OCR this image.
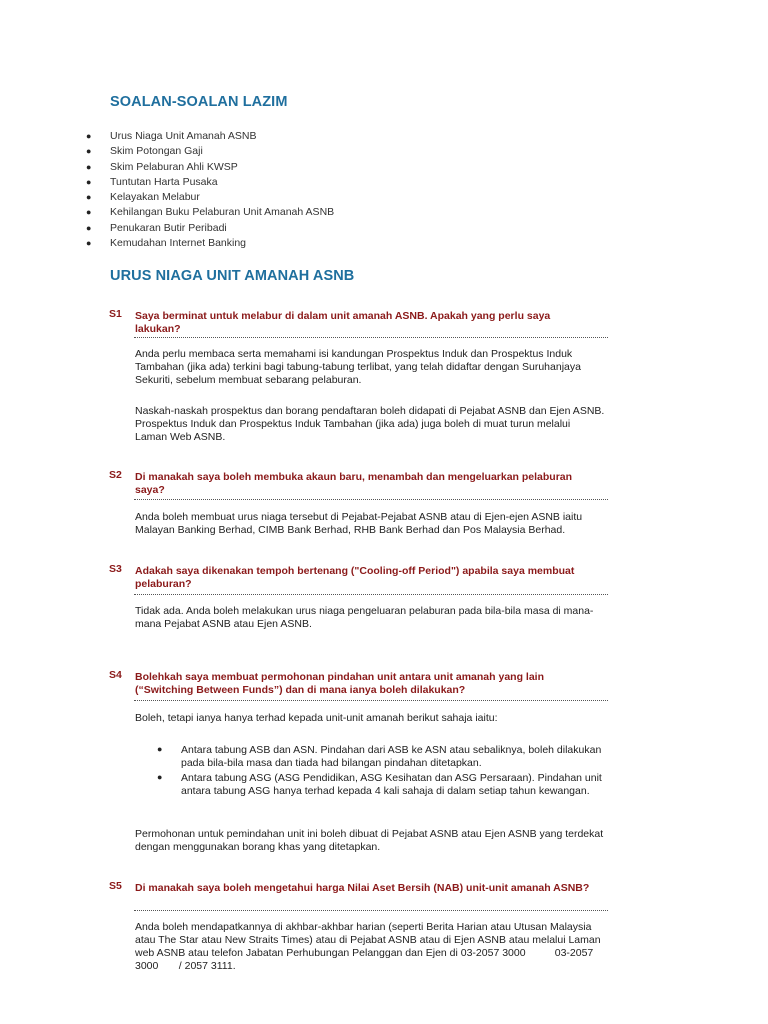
SOALAN-SOALAN LAZIM
● Urus Niaga Unit Amanah ASNB
● Skim Potongan Gaji
● Skim Pelaburan Ahli KWSP
● Tuntutan Harta Pusaka
● Kelayakan Melabur
● Kehilangan Buku Pelaburan Unit Amanah ASNB
● Penukaran Butir Peribadi
● Kemudahan Internet Banking
URUS NIAGA UNIT AMANAH ASNB
S1 Saya berminat untuk melabur di dalam unit amanah ASNB. Apakah yang perlu saya lakukan?

Anda perlu membaca serta memahami isi kandungan Prospektus Induk dan Prospektus Induk Tambahan (jika ada) terkini bagi tabung-tabung terlibat, yang telah didaftar dengan Suruhanjaya Sekuriti, sebelum membuat sebarang pelaburan.

Naskah-naskah prospektus dan borang pendaftaran boleh didapati di Pejabat ASNB dan Ejen ASNB. Prospektus Induk dan Prospektus Induk Tambahan (jika ada) juga boleh di muat turun melalui Laman Web ASNB.

S2 Di manakah saya boleh membuka akaun baru, menambah dan mengeluarkan pelaburan saya?

Anda boleh membuat urus niaga tersebut di Pejabat-Pejabat ASNB atau di Ejen-ejen ASNB iaitu Malayan Banking Berhad, CIMB Bank Berhad, RHB Bank Berhad dan Pos Malaysia Berhad.

S3 Adakah saya dikenakan tempoh bertenang ("Cooling-off Period") apabila saya membuat pelaburan?

Tidak ada. Anda boleh melakukan urus niaga pengeluaran pelaburan pada bila-bila masa di mana-mana Pejabat ASNB atau Ejen ASNB.

S4 Bolehkah saya membuat permohonan pindahan unit antara unit amanah yang lain (“Switching Between Funds”) dan di mana ianya boleh dilakukan?

Boleh, tetapi ianya hanya terhad kepada unit-unit amanah berikut sahaja iaitu:

● Antara tabung ASB dan ASN. Pindahan dari ASB ke ASN atau sebaliknya, boleh dilakukan pada bila-bila masa dan tiada had bilangan pindahan ditetapkan.

● Antara tabung ASG (ASG Pendidikan, ASG Kesihatan dan ASG Persaraan). Pindahan unit antara tabung ASG hanya terhad kepada 4 kali sahaja di dalam setiap tahun kewangan.

Permohonan untuk pemindahan unit ini boleh dibuat di Pejabat ASNB atau Ejen ASNB yang terdekat dengan menggunakan borang khas yang ditetapkan.

S5 Di manakah saya boleh mengetahui harga Nilai Aset Bersih (NAB) unit-unit amanah ASNB?

Anda boleh mendapatkannya di akhbar-akhbar harian (seperti Berita Harian atau Utusan Malaysia atau The Star atau New Straits Times) atau di Pejabat ASNB atau di Ejen ASNB atau melalui Laman web ASNB atau telefon Jabatan Perhubungan Pelanggan dan Ejen di 03-2057 3000          03-2057 3000       / 2057 3111.
